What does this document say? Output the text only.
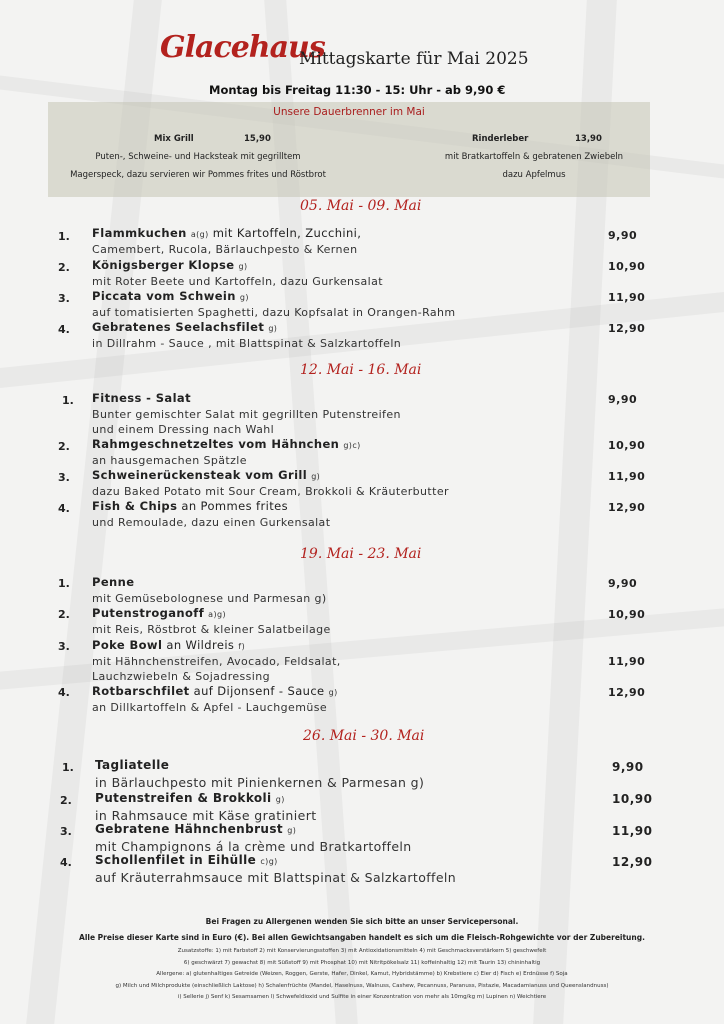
Glacehaus
Mittagskarte für Mai 2025
Montag bis Freitag 11:30 - 15: Uhr - ab 9,90 €
Unsere Dauerbrenner im Mai
Mix Grill	15,90
Puten-, Schweine- und Hacksteak mit gegrilltem
Magerspeck, dazu servieren wir Pommes frites und Röstbrot
Rinderleber	13,90
mit Bratkartoffeln & gebratenen Zwiebeln
dazu Apfelmus
05. Mai - 09. Mai
1. Flammkuchen a(g) mit Kartoffeln, Zucchini,
Camembert, Rucola, Bärlauchpesto & Kernen
9,90
2. Königsberger Klopse g)
mit Roter Beete und Kartoffeln, dazu Gurkensalat
10,90
3. Piccata vom Schwein g)
auf tomatisierten Spaghetti, dazu Kopfsalat in Orangen-Rahm
11,90
4. Gebratenes Seelachsfilet g)
in Dillrahm - Sauce , mit Blattspinat & Salzkartoffeln
12,90
12. Mai - 16. Mai
1. Fitness - Salat
Bunter gemischter Salat mit gegrillten Putenstreifen
und einem Dressing nach Wahl
9,90
2. Rahmgeschnetzeltes vom Hähnchen g)c)
an hausgemachen Spätzle
10,90
3. Schweinerückensteak vom Grill g)
dazu Baked Potato mit Sour Cream, Brokkoli & Kräuterbutter
11,90
4. Fish & Chips an Pommes frites
und Remoulade, dazu einen Gurkensalat
12,90
19. Mai - 23. Mai
1. Penne
mit Gemüsebolognese und Parmesan g)
9,90
2. Putenstroganoff a)g)
mit Reis, Röstbrot & kleiner Salatbeilage
10,90
3. Poke Bowl an Wildreis f)
mit Hähnchenstreifen, Avocado, Feldsalat,
Lauchzwiebeln & Sojadressing
11,90
4. Rotbarschfilet auf Dijonsenf - Sauce g)
an Dillkartoffeln & Apfel - Lauchgemüse
12,90
26. Mai - 30. Mai
1. Tagliatelle
in Bärlauchpesto mit Pinienkernen & Parmesan g)
9,90
2. Putenstreifen & Brokkoli g)
in Rahmsauce mit Käse gratiniert
10,90
3. Gebratene Hähnchenbrust g)
mit Champignons á la crème und Bratkartoffeln
11,90
4. Schollenfilet in Eihülle c)g)
auf Kräuterrahmsauce mit Blattspinat & Salzkartoffeln
12,90
Bei Fragen zu Allergenen wenden Sie sich bitte an unser Servicepersonal.
Alle Preise dieser Karte sind in Euro (€). Bei allen Gewichtsangaben handelt es sich um die Fleisch-Rohgewichte vor der Zubereitung.
Zusatzstoffe: 1) mit Farbstoff 2) mit Konservierungsstoffen 3) mit Antioxidationsmitteln 4) mit Geschmacksverstärkern 5) geschwefelt
6) geschwärzt 7) gewachst 8) mit Süßstoff 9) mit Phosphat 10) mit Nitritpökelsalz 11) koffeinhaltig 12) mit Taurin 13) chininhaltig
Allergene: a) glutenhaltiges Getreide (Weizen, Roggen, Gerste, Hafer, Dinkel, Kamut, Hybridstämme) b) Krebstiere c) Eier d) Fisch e) Erdnüsse f) Soja
g) Milch und Milchprodukte (einschließlich Laktose) h) Schalenfrüchte (Mandel, Haselnuss, Walnuss, Cashew, Pecannuss, Paranuss, Pistazie, Macadamianuss und Queenslandnuss)
i) Sellerie j) Senf k) Sesamsamen l) Schwefeldioxid und Sulfite in einer Konzentration von mehr als 10mg/kg m) Lupinen n) Weichtiere
